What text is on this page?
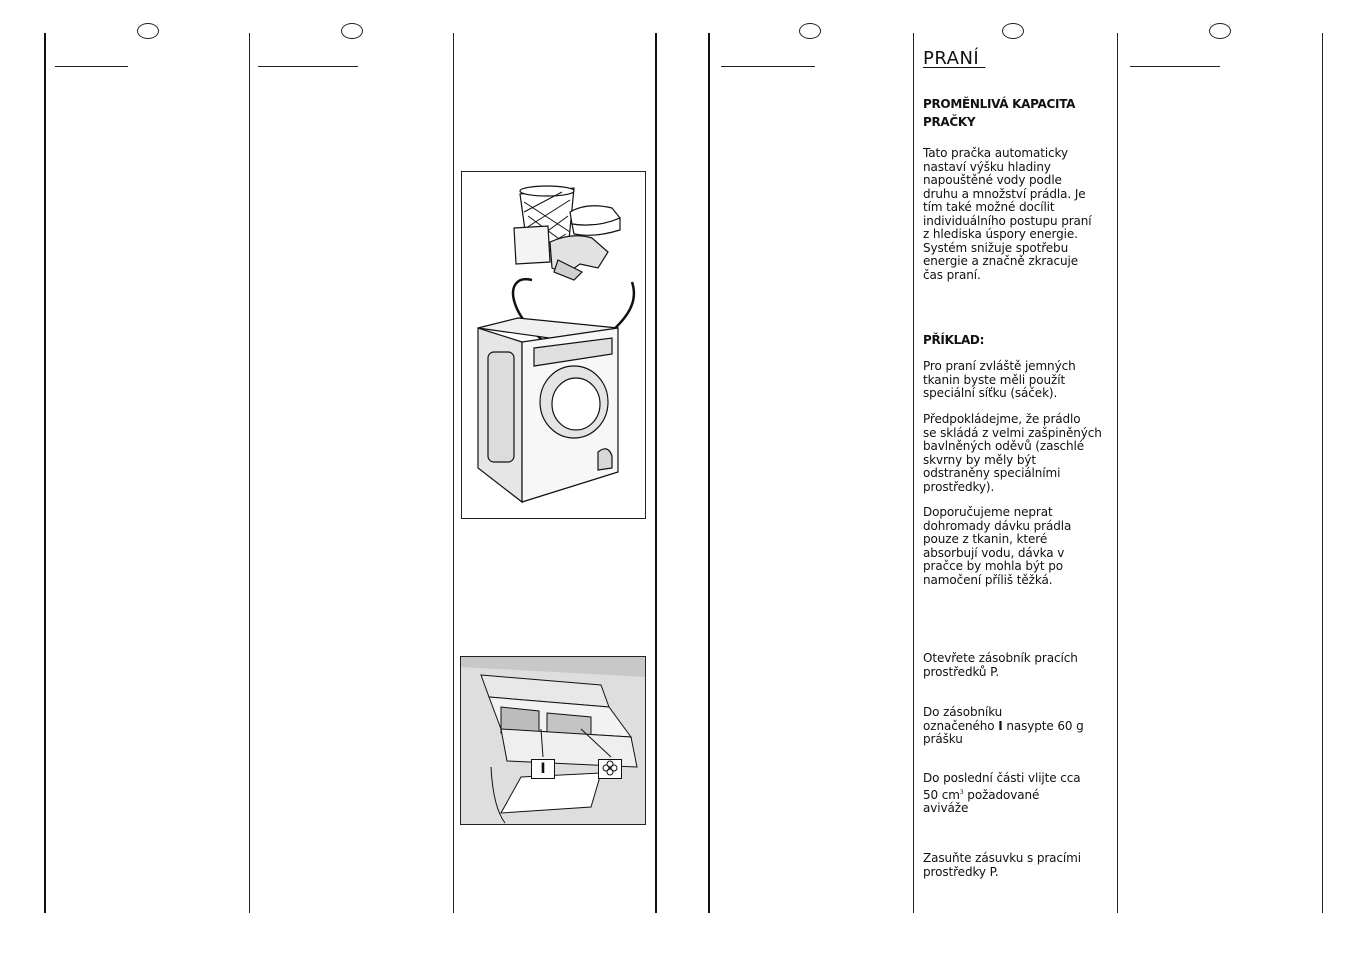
I
PRANÍ
PROMĚNLIVÁ KAPACITA
PRAČKY
Tato pračka automaticky
nastaví výšku hladiny
napouštěné vody podle
druhu a množství prádla. Je
tím také možné docílit
individuálního postupu praní
z hlediska úspory energie.
Systém snižuje spotřebu
energie a značně zkracuje
čas praní.
PŘÍKLAD:
Pro praní zvláště jemných
tkanin byste měli použít
speciální síťku (sáček).
Předpokládejme, že prádlo
se skládá z velmi zašpiněných
bavlněných oděvů (zaschlé
skvrny by měly být
odstraněny speciálními
prostředky).
Doporučujeme neprat
dohromady dávku prádla
pouze z tkanin, které
absorbují vodu, dávka v
pračce by mohla být po
namočení příliš těžká.
Otevřete zásobník pracích
prostředků P.
Do zásobníku
označeného I nasypte 60 g
prášku
Do poslední části vlijte cca
50 $cm^3$ požadované
aviváže
Zasuňte zásuvku s pracími
prostředky P.
